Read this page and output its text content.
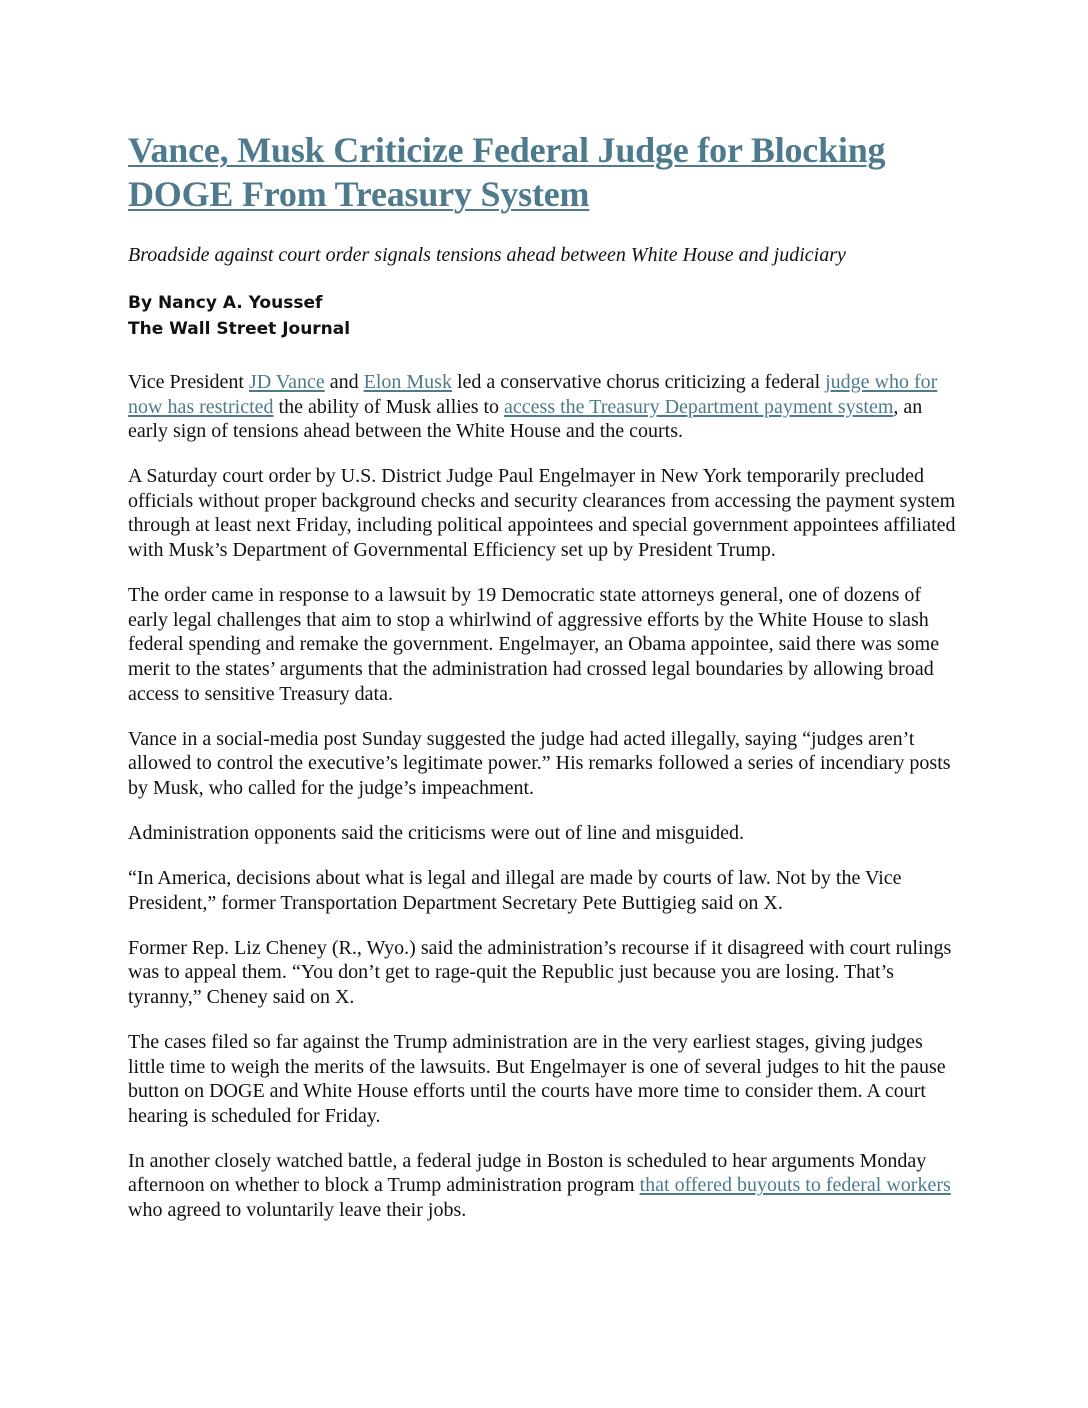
Vance, Musk Criticize Federal Judge for Blocking DOGE From Treasury System

Broadside against court order signals tensions ahead between White House and judiciary

By Nancy A. Youssef
The Wall Street Journal

Vice President JD Vance and Elon Musk led a conservative chorus criticizing a federal judge who for now has restricted the ability of Musk allies to access the Treasury Department payment system, an early sign of tensions ahead between the White House and the courts.

A Saturday court order by U.S. District Judge Paul Engelmayer in New York temporarily precluded officials without proper background checks and security clearances from accessing the payment system through at least next Friday, including political appointees and special government appointees affiliated with Musk’s Department of Governmental Efficiency set up by President Trump.

The order came in response to a lawsuit by 19 Democratic state attorneys general, one of dozens of early legal challenges that aim to stop a whirlwind of aggressive efforts by the White House to slash federal spending and remake the government. Engelmayer, an Obama appointee, said there was some merit to the states’ arguments that the administration had crossed legal boundaries by allowing broad access to sensitive Treasury data.

Vance in a social-media post Sunday suggested the judge had acted illegally, saying “judges aren’t allowed to control the executive’s legitimate power.” His remarks followed a series of incendiary posts by Musk, who called for the judge’s impeachment.

Administration opponents said the criticisms were out of line and misguided.

“In America, decisions about what is legal and illegal are made by courts of law. Not by the Vice President,” former Transportation Department Secretary Pete Buttigieg said on X.

Former Rep. Liz Cheney (R., Wyo.) said the administration’s recourse if it disagreed with court rulings was to appeal them. “You don’t get to rage-quit the Republic just because you are losing. That’s tyranny,” Cheney said on X.

The cases filed so far against the Trump administration are in the very earliest stages, giving judges little time to weigh the merits of the lawsuits. But Engelmayer is one of several judges to hit the pause button on DOGE and White House efforts until the courts have more time to consider them. A court hearing is scheduled for Friday.

In another closely watched battle, a federal judge in Boston is scheduled to hear arguments Monday afternoon on whether to block a Trump administration program that offered buyouts to federal workers who agreed to voluntarily leave their jobs.
